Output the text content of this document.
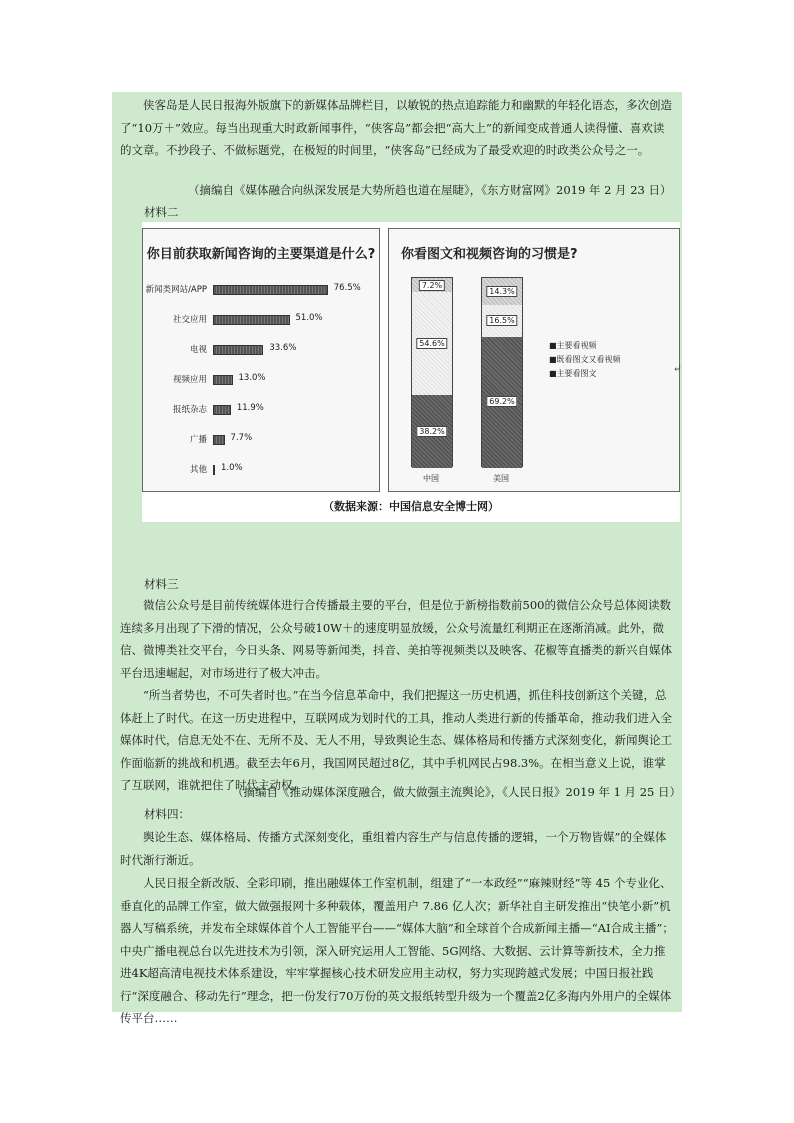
侠客岛是人民日报海外版旗下的新媒体品牌栏目，以敏锐的热点追踪能力和幽默的年轻化语态，多次创造了“10万＋”效应。每当出现重大时政新闻事件，“侠客岛”都会把“高大上”的新闻变成普通人读得懂、喜欢读的文章。不抄段子、不做标题党，在极短的时间里，“侠客岛”已经成为了最受欢迎的时政类公众号之一。

（摘编自《媒体融合向纵深发展是大势所趋也道在屋睫》，《东方财富网》2019 年 2 月 23 日）
材料二
你目前获取新闻咨询的主要渠道是什么?
新闻类网站/APP	76.5%
社交应用	51.0%
电视	33.6%
视频应用	13.0%
报纸杂志	11.9%
广播	7.7%
其他 1.0%
你看图文和视频咨询的习惯是?
7.2%
54.6%
38.2%
中国
14.3%
16.5%
69.2%
美国
■主要看视频
■既看图文又看视频
■主要看图文
（数据来源：中国信息安全博士网）
↵
材料三

微信公众号是目前传统媒体进行合传播最主要的平台，但是位于新榜指数前500的微信公众号总体阅读数连续多月出现了下滑的情况，公众号破10W＋的速度明显放缓，公众号流量红利期正在逐渐消减。此外，微信、微博类社交平台，今日头条、网易等新闻类，抖音、美拍等视频类以及映客、花椒等直播类的新兴自媒体平台迅速崛起，对市场进行了极大冲击。

“所当者势也，不可失者时也。”在当今信息革命中，我们把握这一历史机遇，抓住科技创新这个关键，总体赶上了时代。在这一历史进程中，互联网成为划时代的工具，推动人类进行新的传播革命，推动我们进入全媒体时代，信息无处不在、无所不及、无人不用，导致舆论生态、媒体格局和传播方式深刻变化，新闻舆论工作面临新的挑战和机遇。截至去年6月，我国网民超过8亿，其中手机网民占98.3%。在相当意义上说，谁掌了互联网，谁就把住了时代主动权。

（摘编自《推动媒体深度融合，做大做强主流舆论》，《人民日报》2019 年 1 月 25 日）
材料四：

舆论生态、媒体格局、传播方式深刻变化，重组着内容生产与信息传播的逻辑，一个万物皆媒”的全媒体时代渐行渐近。

人民日报全新改版、全彩印刷，推出融媒体工作室机制，组建了“一本政经”“麻辣财经”等 45 个专业化、垂直化的品牌工作室，做大做强报网十多种载体，覆盖用户 7.86 亿人次；新华社自主研发推出“快笔小新”机器人写稿系统，并发布全球媒体首个人工智能平台——“媒体大脑”和全球首个合成新闻主播—“AI合成主播”；中央广播电视总台以先进技术为引领，深入研究运用人工智能、5G网络、大数据、云计算等新技术，全力推进4K超高清电视技术体系建设，牢牢掌握核心技术研发应用主动权，努力实现跨越式发展；中国日报社践行“深度融合、移动先行”理念，把一份发行70万份的英文报纸转型升级为一个覆盖2亿多海内外用户的全媒体传平台……
